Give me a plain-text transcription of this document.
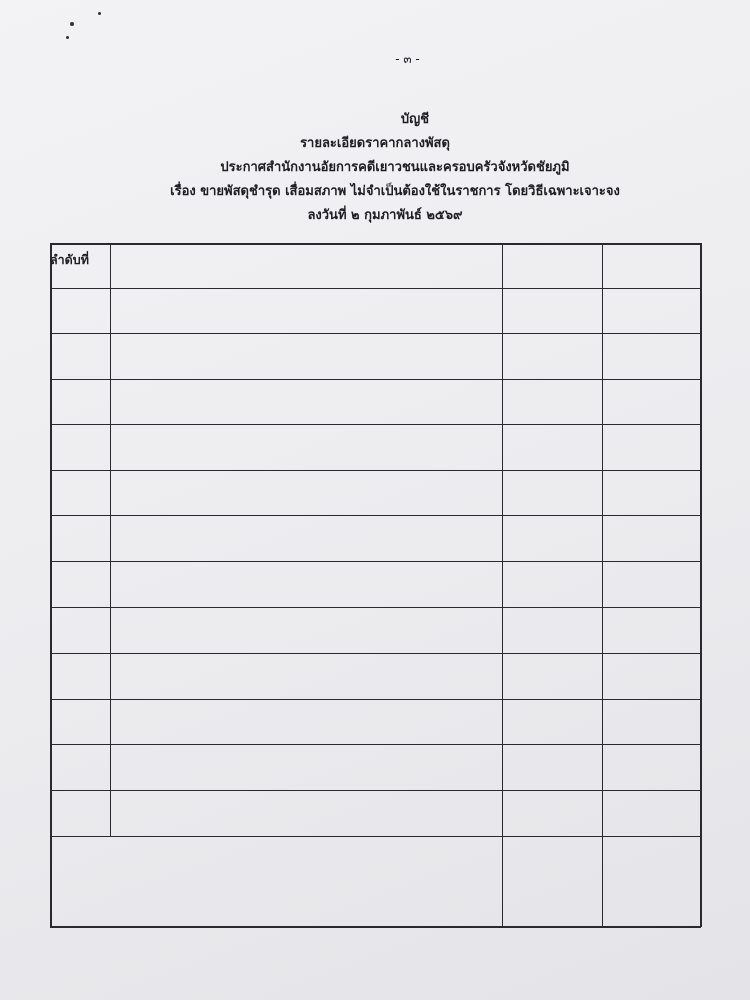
- ๓ -
บัญชี
รายละเอียดราคากลางพัสดุ
ประกาศสำนักงานอัยการคดีเยาวชนและครอบครัวจังหวัดชัยภูมิ
เรื่อง ขายพัสดุชำรุด เสื่อมสภาพ ไม่จำเป็นต้องใช้ในราชการ โดยวิธีเฉพาะเจาะจง
ลงวันที่ ๒ กุมภาพันธ์ ๒๕๖๙
ลำดับที่
